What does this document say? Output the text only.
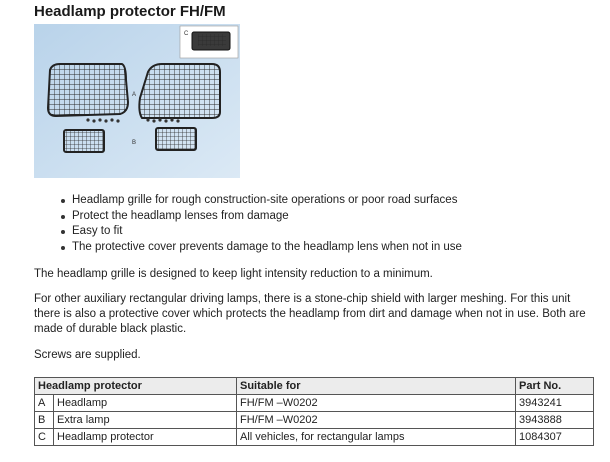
Headlamp protector FH/FM
C
A
B
Headlamp grille for rough construction-site operations or poor road surfaces
Protect the headlamp lenses from damage
Easy to fit
The protective cover prevents damage to the headlamp lens when not in use

The headlamp grille is designed to keep light intensity reduction to a minimum.

For other auxiliary rectangular driving lamps, there is a stone-chip shield with larger meshing. For this unit there is also a protective cover which protects the headlamp from dirt and damage when not in use. Both are made of durable black plastic.

Screws are supplied.

Headlamp protector		Suitable for	Part No.
A	Headlamp	FH/FM –W0202	3943241
B	Extra lamp	FH/FM –W0202	3943888
C	Headlamp protector	All vehicles, for rectangular lamps	1084307
